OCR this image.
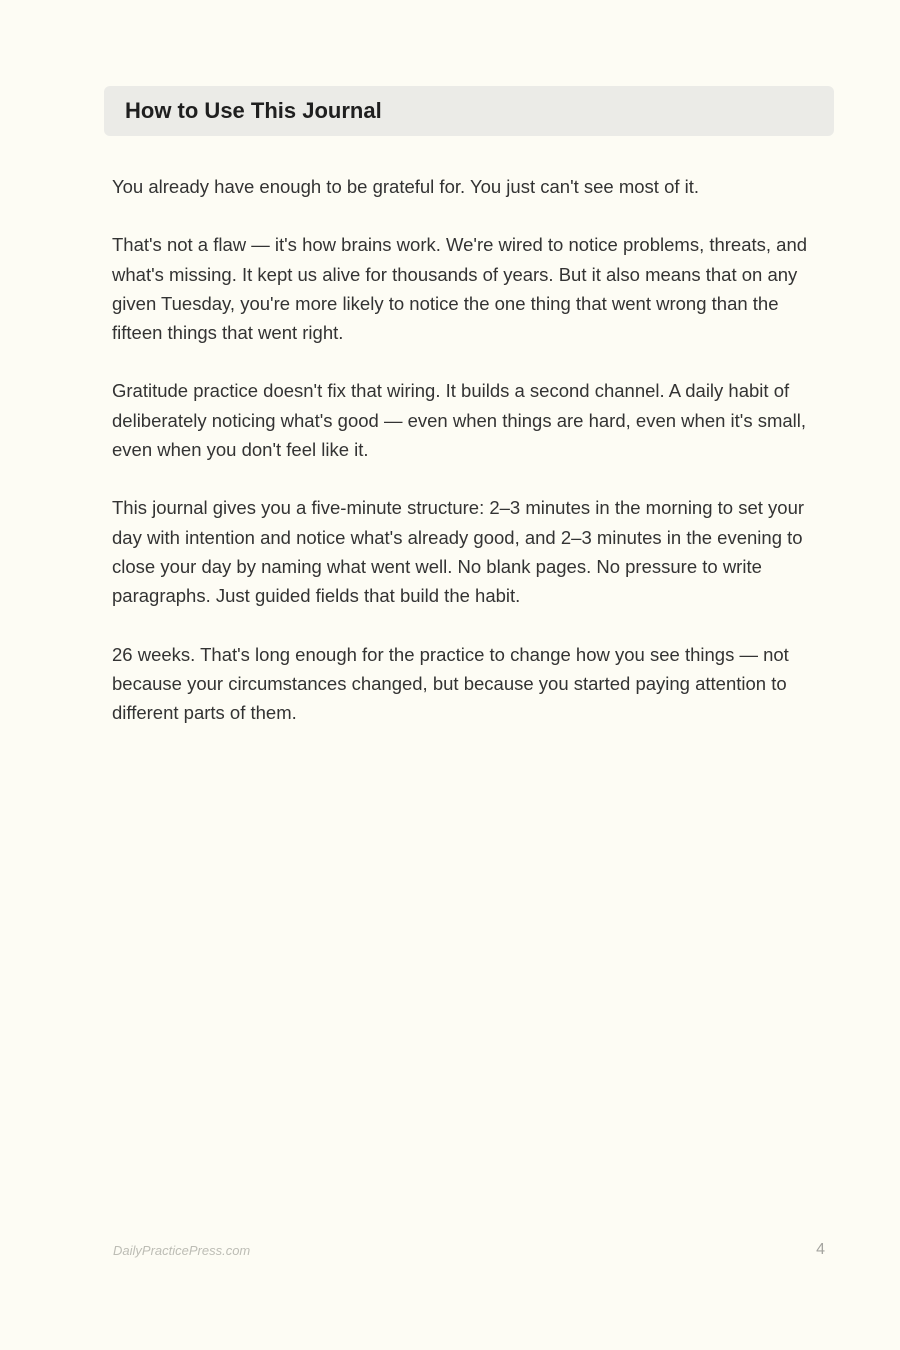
How to Use This Journal

You already have enough to be grateful for. You just can't see most of it.

That's not a flaw — it's how brains work. We're wired to notice problems, threats, and what's missing. It kept us alive for thousands of years. But it also means that on any given Tuesday, you're more likely to notice the one thing that went wrong than the fifteen things that went right.

Gratitude practice doesn't fix that wiring. It builds a second channel. A daily habit of deliberately noticing what's good — even when things are hard, even when it's small, even when you don't feel like it.

This journal gives you a five-minute structure: 2–3 minutes in the morning to set your day with intention and notice what's already good, and 2–3 minutes in the evening to close your day by naming what went well. No blank pages. No pressure to write paragraphs. Just guided fields that build the habit.

26 weeks. That's long enough for the practice to change how you see things — not because your circumstances changed, but because you started paying attention to different parts of them.

DailyPracticePress.com	4
